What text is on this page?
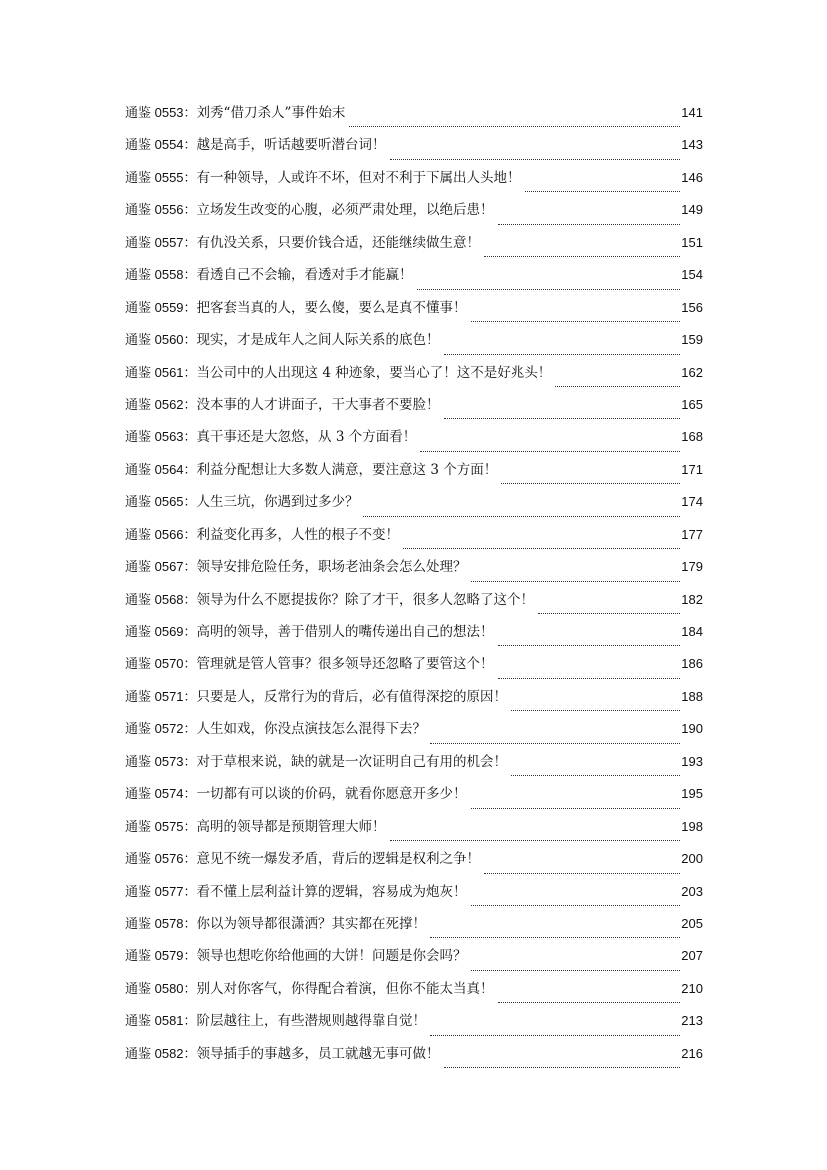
通鉴 0553：刘秀“借刀杀人”事件始末	141
通鉴 0554：越是高手，听话越要听潜台词！	143
通鉴 0555：有一种领导，人或许不坏，但对不利于下属出人头地！	146
通鉴 0556：立场发生改变的心腹，必须严肃处理，以绝后患！	149
通鉴 0557：有仇没关系，只要价钱合适，还能继续做生意！	151
通鉴 0558：看透自己不会输，看透对手才能赢！	154
通鉴 0559：把客套当真的人，要么傻，要么是真不懂事！	156
通鉴 0560：现实，才是成年人之间人际关系的底色！	159
通鉴 0561：当公司中的人出现这 4 种迹象，要当心了！这不是好兆头！	162
通鉴 0562：没本事的人才讲面子，干大事者不要脸！	165
通鉴 0563：真干事还是大忽悠，从 3 个方面看！	168
通鉴 0564：利益分配想让大多数人满意，要注意这 3 个方面！	171
通鉴 0565：人生三坑，你遇到过多少？	174
通鉴 0566：利益变化再多，人性的根子不变！	177
通鉴 0567：领导安排危险任务，职场老油条会怎么处理？	179
通鉴 0568：领导为什么不愿提拔你？除了才干，很多人忽略了这个！	182
通鉴 0569：高明的领导，善于借别人的嘴传递出自己的想法！	184
通鉴 0570：管理就是管人管事？很多领导还忽略了要管这个！	186
通鉴 0571：只要是人，反常行为的背后，必有值得深挖的原因！	188
通鉴 0572：人生如戏，你没点演技怎么混得下去？	190
通鉴 0573：对于草根来说，缺的就是一次证明自己有用的机会！	193
通鉴 0574：一切都有可以谈的价码，就看你愿意开多少！	195
通鉴 0575：高明的领导都是预期管理大师！	198
通鉴 0576：意见不统一爆发矛盾，背后的逻辑是权利之争！	200
通鉴 0577：看不懂上层利益计算的逻辑，容易成为炮灰！	203
通鉴 0578：你以为领导都很潇洒？其实都在死撑！	205
通鉴 0579：领导也想吃你给他画的大饼！问题是你会吗？	207
通鉴 0580：别人对你客气，你得配合着演，但你不能太当真！	210
通鉴 0581：阶层越往上，有些潜规则越得靠自觉！	213
通鉴 0582：领导插手的事越多，员工就越无事可做！	216
